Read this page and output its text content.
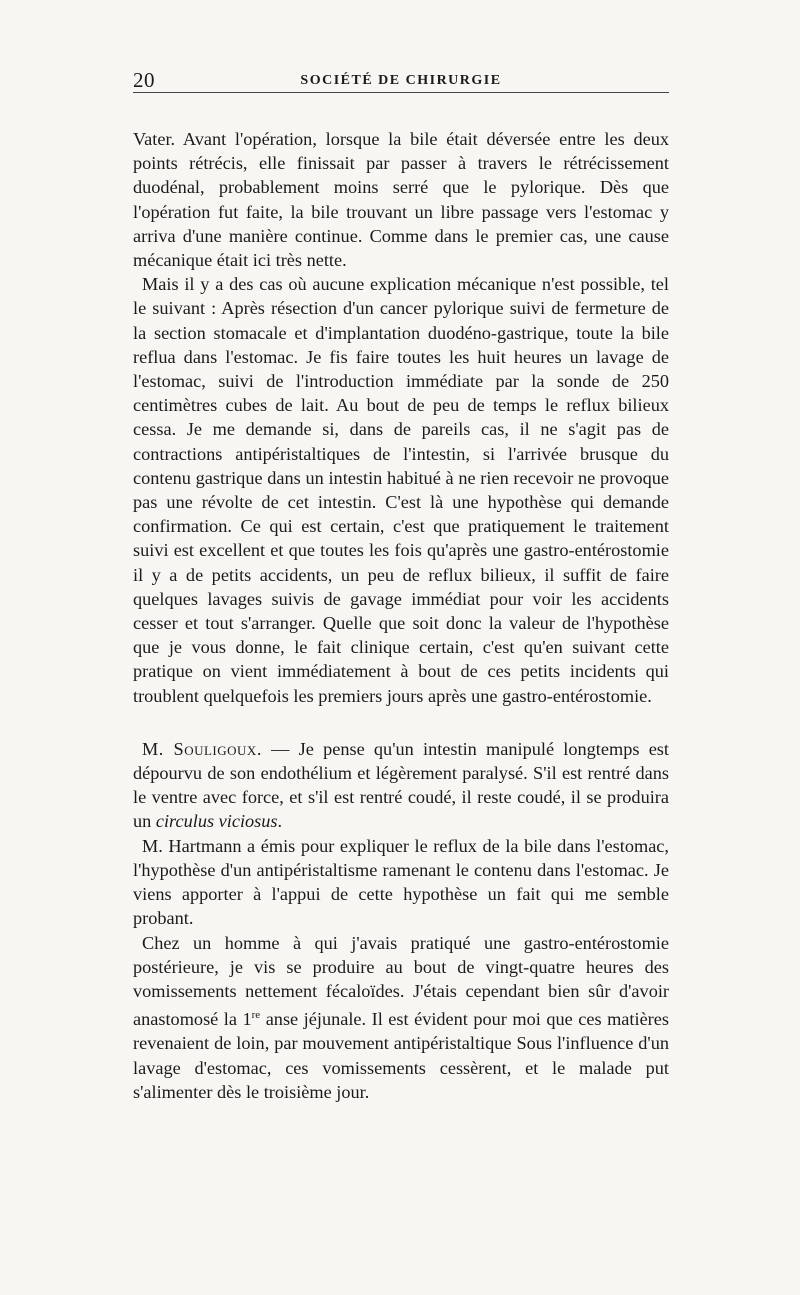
20	SOCIÉTÉ DE CHIRURGIE

Vater. Avant l'opération, lorsque la bile était déversée entre les deux points rétrécis, elle finissait par passer à travers le rétrécissement duodénal, probablement moins serré que le pylorique. Dès que l'opération fut faite, la bile trouvant un libre passage vers l'estomac y arriva d'une manière continue. Comme dans le premier cas, une cause mécanique était ici très nette.

Mais il y a des cas où aucune explication mécanique n'est possible, tel le suivant : Après résection d'un cancer pylorique suivi de fermeture de la section stomacale et d'implantation duodéno-gastrique, toute la bile reflua dans l'estomac. Je fis faire toutes les huit heures un lavage de l'estomac, suivi de l'introduction immédiate par la sonde de 250 centimètres cubes de lait. Au bout de peu de temps le reflux bilieux cessa. Je me demande si, dans de pareils cas, il ne s'agit pas de contractions antipéristaltiques de l'intestin, si l'arrivée brusque du contenu gastrique dans un intestin habitué à ne rien recevoir ne provoque pas une révolte de cet intestin. C'est là une hypothèse qui demande confirmation. Ce qui est certain, c'est que pratiquement le traitement suivi est excellent et que toutes les fois qu'après une gastro-entérostomie il y a de petits accidents, un peu de reflux bilieux, il suffit de faire quelques lavages suivis de gavage immédiat pour voir les accidents cesser et tout s'arranger. Quelle que soit donc la valeur de l'hypothèse que je vous donne, le fait clinique certain, c'est qu'en suivant cette pratique on vient immédiatement à bout de ces petits incidents qui troublent quelquefois les premiers jours après une gastro-entérostomie.

M. Souligoux. — Je pense qu'un intestin manipulé longtemps est dépourvu de son endothélium et légèrement paralysé. S'il est rentré dans le ventre avec force, et s'il est rentré coudé, il reste coudé, il se produira un circulus viciosus.

M. Hartmann a émis pour expliquer le reflux de la bile dans l'estomac, l'hypothèse d'un antipéristaltisme ramenant le contenu dans l'estomac. Je viens apporter à l'appui de cette hypothèse un fait qui me semble probant.

Chez un homme à qui j'avais pratiqué une gastro-entérostomie postérieure, je vis se produire au bout de vingt-quatre heures des vomissements nettement fécaloïdes. J'étais cependant bien sûr d'avoir anastomosé la 1re anse jéjunale. Il est évident pour moi que ces matières revenaient de loin, par mouvement antipéristaltique Sous l'influence d'un lavage d'estomac, ces vomissements cessèrent, et le malade put s'alimenter dès le troisième jour.
